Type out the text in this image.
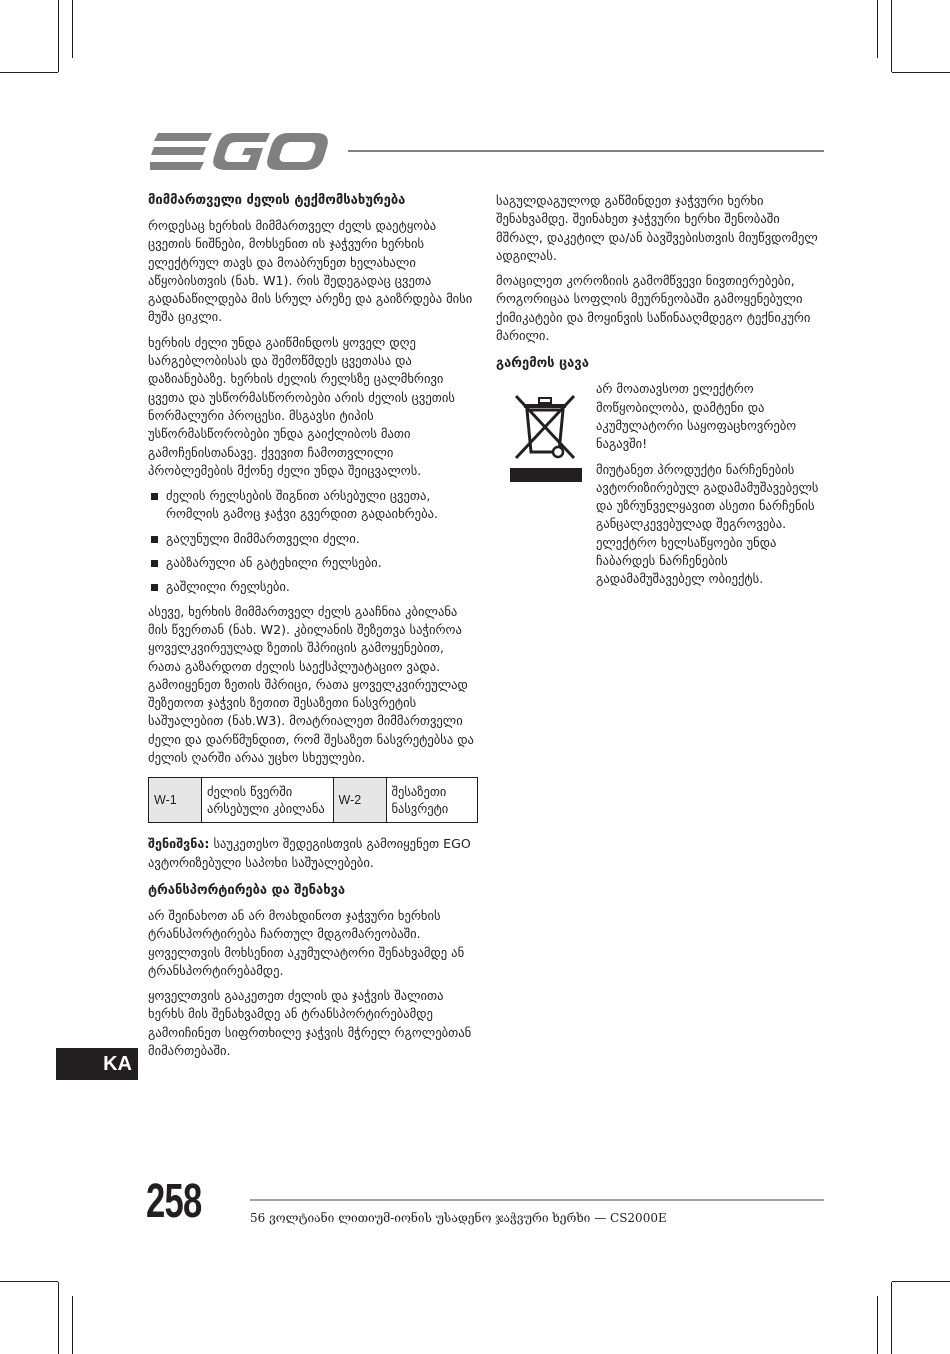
მიმმართველი ძელის ტექმომსახურება

როდესაც ხერხის მიმმართველ ძელს დაეტყობა ცვეთის ნიშნები, მოხსენით ის ჯაჭვური ხერხის ელექტრულ თავს და მოაბრუნეთ ხელახალი აწყობისთვის (ნახ. W1). რის შედეგადაც ცვეთა გადანაწილდება მის სრულ არეზე და გაიზრდება მისი მუშა ციკლი.

ხერხის ძელი უნდა გაიწმინდოს ყოველ დღე სარგებლობისას და შემოწმდეს ცვეთასა და დაზიანებაზე. ხერხის ძელის რელსზე ცალმხრივი ცვეთა და უსწორმასწორობები არის ძელის ცვეთის ნორმალური პროცესი. მსგავსი ტიპის უსწორმასწორობები უნდა გაიქლიბოს მათი გამოჩენისთანავე. ქვევით ჩამოთვლილი პრობლემების მქონე ძელი უნდა შეიცვალოს.

ძელის რელსების შიგნით არსებული ცვეთა, რომლის გამოც ჯაჭვი გვერდით გადაიხრება.
გაღუნული მიმმართველი ძელი.
გაბზარული ან გატეხილი რელსები.
გაშლილი რელსები.

ასევე, ხერხის მიმმართველ ძელს გააჩნია კბილანა მის წვერთან (ნახ. W2). კბილანის შეზეთვა საჭიროა ყოველკვირეულად ზეთის შპრიცის გამოყენებით, რათა გაზარდოთ ძელის საექსპლუატაციო ვადა. გამოიყენეთ ზეთის შპრიცი, რათა ყოველკვირეულად შეზეთოთ ჯაჭვის ზეთით შესაზეთი ნასვრეტის საშუალებით (ნახ.W3). მოატრიალეთ მიმმართველი ძელი და დარწმუნდით, რომ შესაზეთ ნასვრეტებსა და ძელის ღარში არაა უცხო სხეულები.

W-1	ძელის წვერში არსებული კბილანა	W-2	შესაზეთი ნასვრეტი

შენიშვნა: საუკეთესო შედეგისთვის გამოიყენეთ EGO ავტორიზებული საპოხი საშუალებები.

ტრანსპორტირება და შენახვა

არ შეინახოთ ან არ მოახდინოთ ჯაჭვური ხერხის ტრანსპორტირება ჩართულ მდგომარეობაში. ყოველთვის მოხსენით აკუმულატორი შენახვამდე ან ტრანსპორტირებამდე.

ყოველთვის გააკეთეთ ძელის და ჯაჭვის შალითა ხერხს მის შენახვამდე ან ტრანსპორტირებამდე გამოიჩინეთ სიფრთხილე ჯაჭვის მჭრელ რგოლებთან მიმართებაში.

საგულდაგულოდ გაწმინდეთ ჯაჭვური ხერხი შენახვამდე. შეინახეთ ჯაჭვური ხერხი შენობაში მშრალ, დაკეტილ და/ან ბავშვებისთვის მიუწვდომელ ადგილას.

მოაცილეთ კოროზიის გამომწვევი ნივთიერებები, როგორიცაა სოფლის მეურნეობაში გამოყენებული ქიმიკატები და მოყინვის საწინააღმდეგო ტექნიკური მარილი.

გარემოს ცავა

არ მოათავსოთ ელექტრო მოწყობილობა, დამტენი და აკუმულატორი საყოფაცხოვრებო ნაგავში!

მიუტანეთ პროდუქტი ნარჩენების ავტორიზირებულ გადამამუშავებელს და უზრუნველყავით ასეთი ნარჩენის განცალკევებულად შეგროვება. ელექტრო ხელსაწყოები უნდა ჩაბარდეს ნარჩენების გადამამუშავებელ ობიექტს.

KA
258	56 ვოლტიანი ლითიუმ-იონის უსადენო ჯაჭვური ხერხი — CS2000E
